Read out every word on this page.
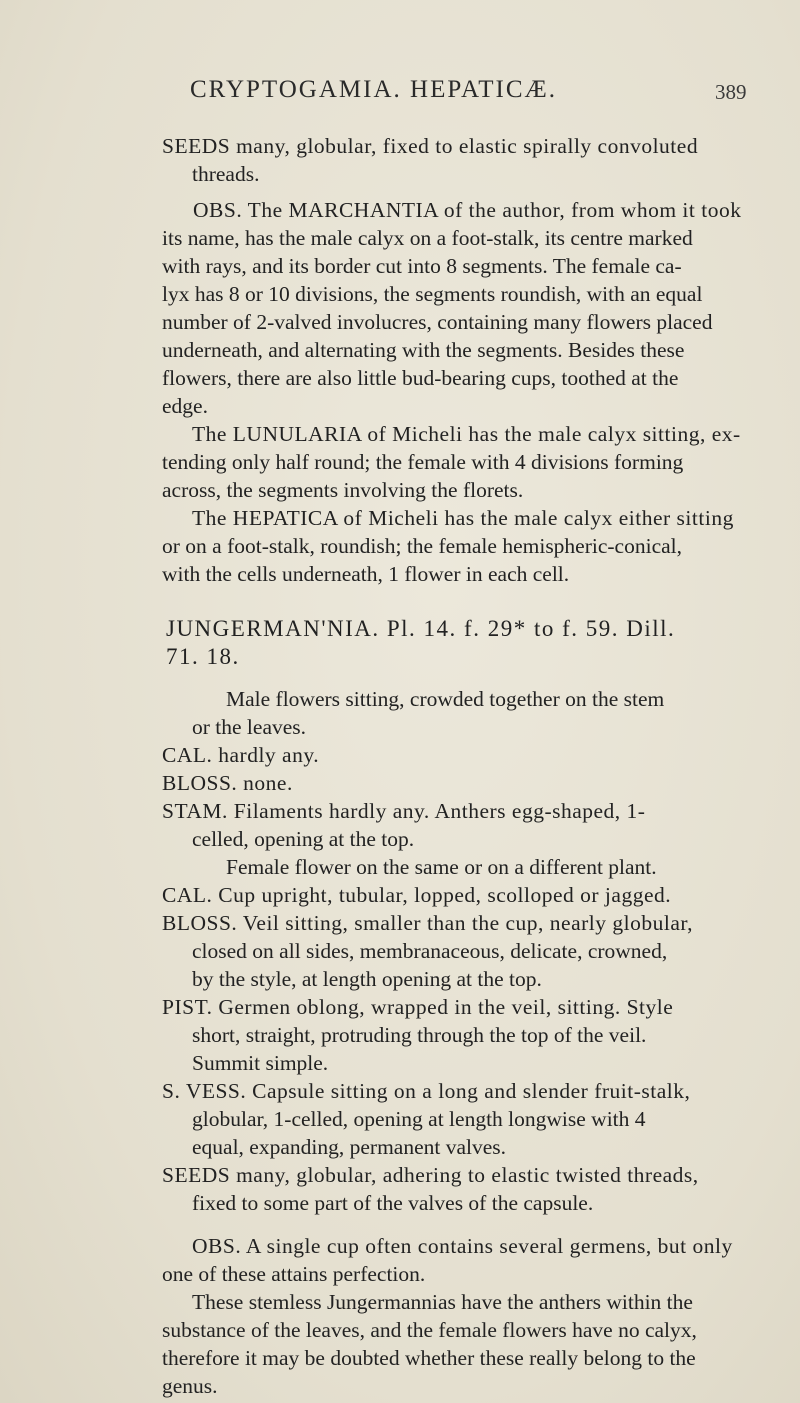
CRYPTOGAMIA. HEPATICÆ.	389
SEEDS many, globular, fixed to elastic spirally convoluted
threads.
OBS. The MARCHANTIA of the author, from whom it took
its name, has the male calyx on a foot-stalk, its centre marked
with rays, and its border cut into 8 segments. The female ca-
lyx has 8 or 10 divisions, the segments roundish, with an equal
number of 2-valved involucres, containing many flowers placed
underneath, and alternating with the segments. Besides these
flowers, there are also little bud-bearing cups, toothed at the
edge.
The LUNULARIA of Micheli has the male calyx sitting, ex-
tending only half round; the female with 4 divisions forming
across, the segments involving the florets.
The HEPATICA of Micheli has the male calyx either sitting
or on a foot-stalk, roundish; the female hemispheric-conical,
with the cells underneath, 1 flower in each cell.
JUNGERMAN'NIA. Pl. 14. f. 29* to f. 59. Dill.
71. 18.
Male flowers sitting, crowded together on the stem
or the leaves.
CAL. hardly any.
BLOSS. none.
STAM. Filaments hardly any. Anthers egg-shaped, 1-
celled, opening at the top.
Female flower on the same or on a different plant.
CAL. Cup upright, tubular, lopped, scolloped or jagged.
BLOSS. Veil sitting, smaller than the cup, nearly globular,
closed on all sides, membranaceous, delicate, crowned,
by the style, at length opening at the top.
PIST. Germen oblong, wrapped in the veil, sitting. Style
short, straight, protruding through the top of the veil.
Summit simple.
S. VESS. Capsule sitting on a long and slender fruit-stalk,
globular, 1-celled, opening at length longwise with 4
equal, expanding, permanent valves.
SEEDS many, globular, adhering to elastic twisted threads,
fixed to some part of the valves of the capsule.
OBS. A single cup often contains several germens, but only
one of these attains perfection.
These stemless Jungermannias have the anthers within the
substance of the leaves, and the female flowers have no calyx,
therefore it may be doubted whether these really belong to the
genus.
